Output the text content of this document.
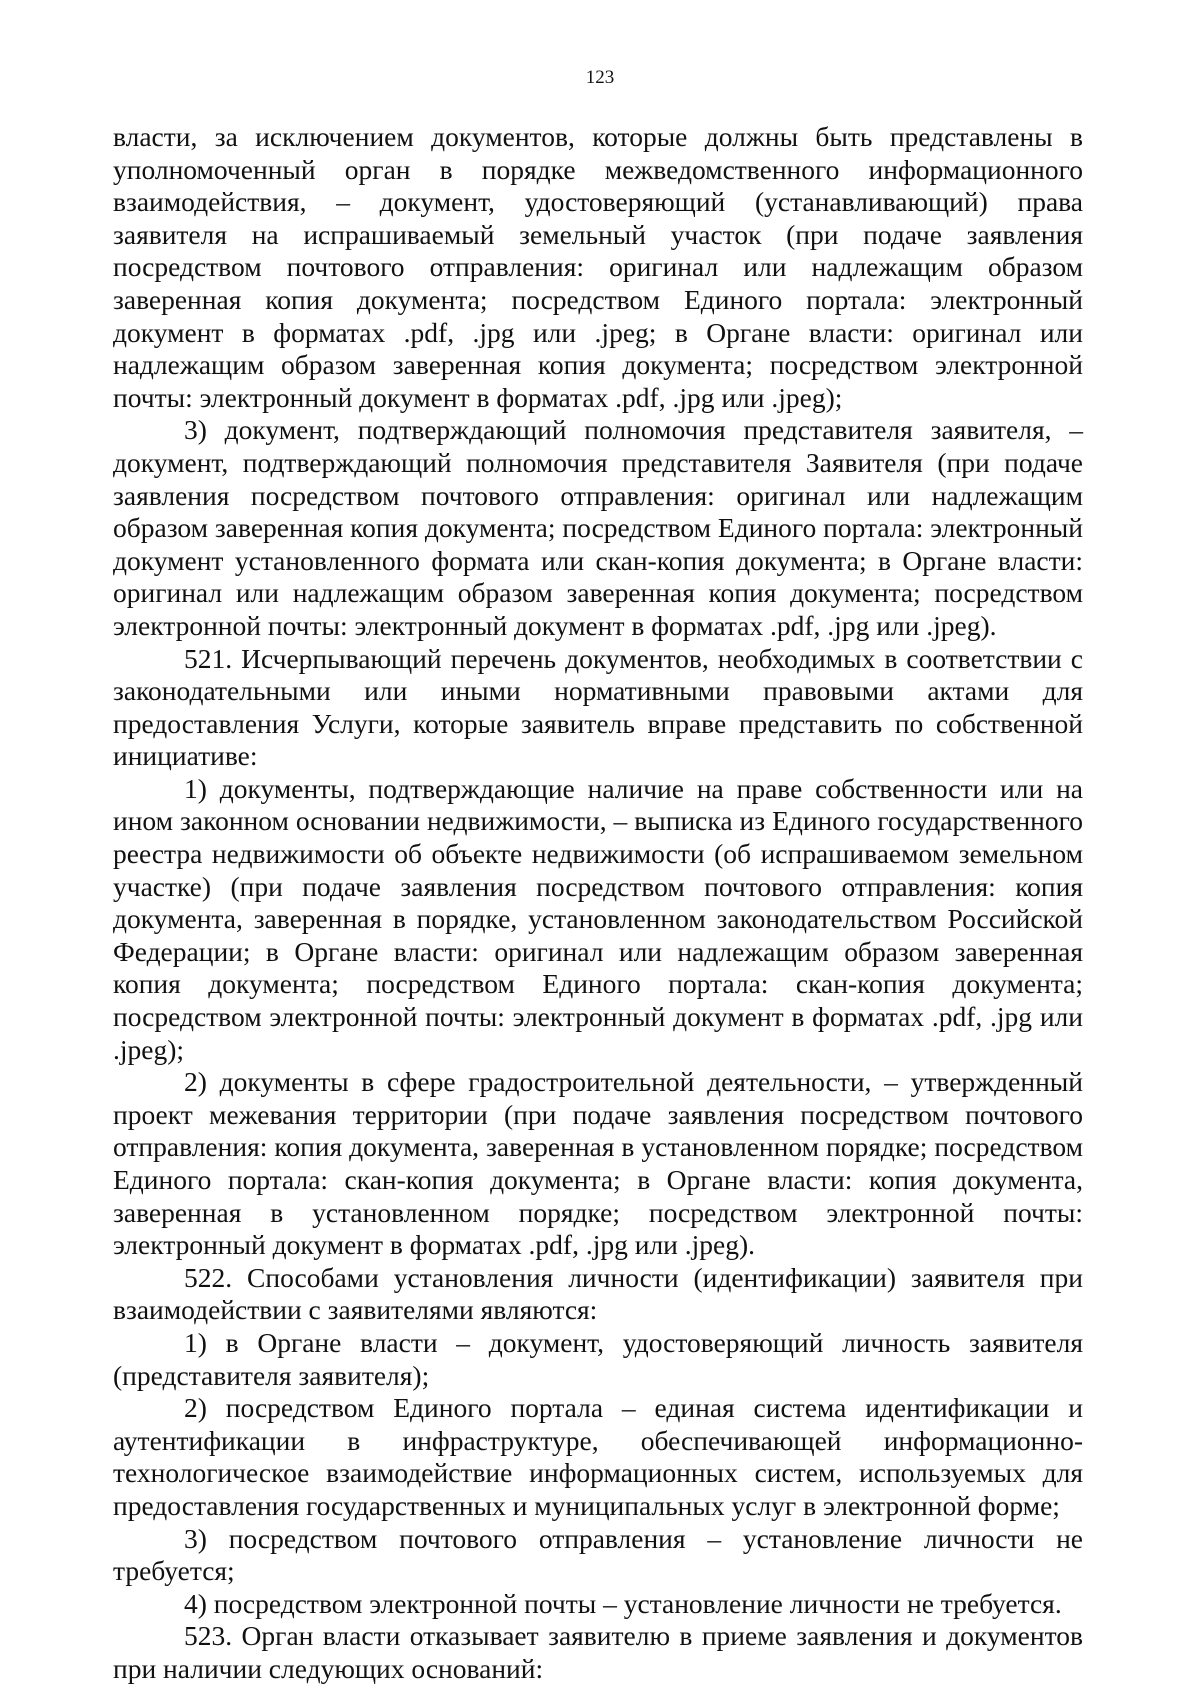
123

власти, за исключением документов, которые должны быть представлены в уполномоченный орган в порядке межведомственного информационного взаимодействия, – документ, удостоверяющий (устанавливающий) права заявителя на испрашиваемый земельный участок (при подаче заявления посредством почтового отправления: оригинал или надлежащим образом заверенная копия документа; посредством Единого портала: электронный документ в форматах .pdf, .jpg или .jpeg; в Органе власти: оригинал или надлежащим образом заверенная копия документа; посредством электронной почты: электронный документ в форматах .pdf, .jpg или .jpeg);

3) документ, подтверждающий полномочия представителя заявителя, – документ, подтверждающий полномочия представителя Заявителя (при подаче заявления посредством почтового отправления: оригинал или надлежащим образом заверенная копия документа; посредством Единого портала: электронный документ установленного формата или скан-копия документа; в Органе власти: оригинал или надлежащим образом заверенная копия документа; посредством электронной почты: электронный документ в форматах .pdf, .jpg или .jpeg).

521. Исчерпывающий перечень документов, необходимых в соответствии с законодательными или иными нормативными правовыми актами для предоставления Услуги, которые заявитель вправе представить по собственной инициативе:

1) документы, подтверждающие наличие на праве собственности или на ином законном основании недвижимости, – выписка из Единого государственного реестра недвижимости об объекте недвижимости (об испрашиваемом земельном участке) (при подаче заявления посредством почтового отправления: копия документа, заверенная в порядке, установленном законодательством Российской Федерации; в Органе власти: оригинал или надлежащим образом заверенная копия документа; посредством Единого портала: скан-копия документа; посредством электронной почты: электронный документ в форматах .pdf, .jpg или .jpeg);

2) документы в сфере градостроительной деятельности, – утвержденный проект межевания территории (при подаче заявления посредством почтового отправления: копия документа, заверенная в установленном порядке; посредством Единого портала: скан-копия документа; в Органе власти: копия документа, заверенная в установленном порядке; посредством электронной почты: электронный документ в форматах .pdf, .jpg или .jpeg).

522. Способами установления личности (идентификации) заявителя при взаимодействии с заявителями являются:

1) в Органе власти – документ, удостоверяющий личность заявителя (представителя заявителя);

2) посредством Единого портала – единая система идентификации и аутентификации в инфраструктуре, обеспечивающей информационно-технологическое взаимодействие информационных систем, используемых для предоставления государственных и муниципальных услуг в электронной форме;

3) посредством почтового отправления – установление личности не требуется;

4) посредством электронной почты – установление личности не требуется.

523. Орган власти отказывает заявителю в приеме заявления и документов при наличии следующих оснований:
